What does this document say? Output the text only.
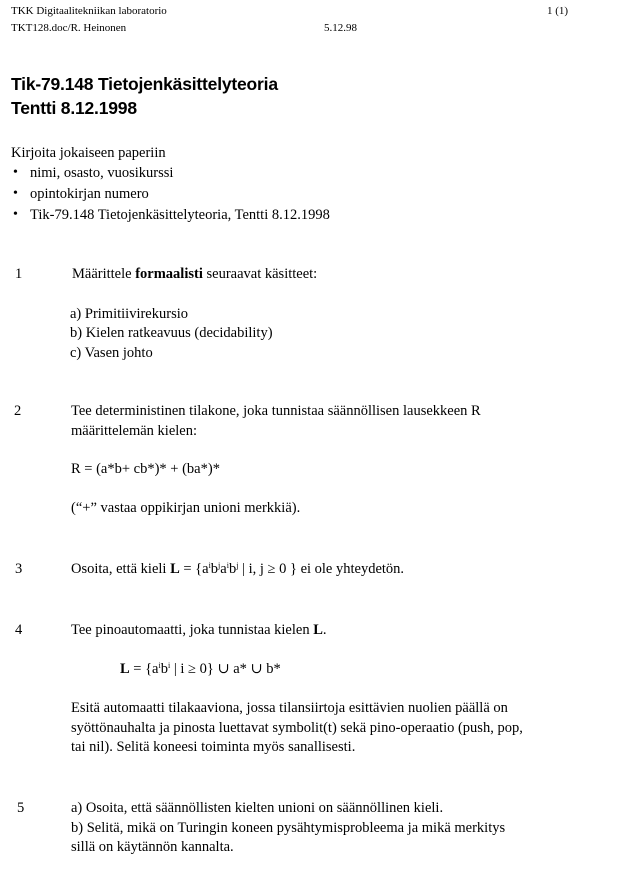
TKK Digitaalitekniikan laboratorio
TKT128.doc/R. Heinonen	5.12.98
1 (1)
Tik-79.148 Tietojenkäsittelyteoria
Tentti 8.12.1998
Kirjoita jokaiseen paperiin
• nimi, osasto, vuosikurssi
• opintokirjan numero
• Tik-79.148 Tietojenkäsittelyteoria, Tentti 8.12.1998
1	Määrittele formaalisti seuraavat käsitteet:
a) Primitiivirekursio
b) Kielen ratkeavuus (decidability)
c) Vasen johto
2	Tee deterministinen tilakone, joka tunnistaa säännöllisen lausekkeen R
määrittelemän kielen:
R = (a*b+ cb*)* + (ba*)*
(“+” vastaa oppikirjan unioni merkkiä).
3	Osoita, että kieli $L = \{a^ib^ja^ib^j$ | i, j ≥ 0 } ei ole yhteydetön.
4	Tee pinoautomaatti, joka tunnistaa kielen L.
$L = \{a^ib^i$ | i ≥ 0} ∪ a* ∪ b*
Esitä automaatti tilakaaviona, jossa tilansiirtoja esittävien nuolien päällä on
syöttönauhalta ja pinosta luettavat symbolit(t) sekä pino-operaatio (push, pop,
tai nil). Selitä koneesi toiminta myös sanallisesti.
5	a) Osoita, että säännöllisten kielten unioni on säännöllinen kieli.
b) Selitä, mikä on Turingin koneen pysähtymisprobleema ja mikä merkitys
sillä on käytännön kannalta.
